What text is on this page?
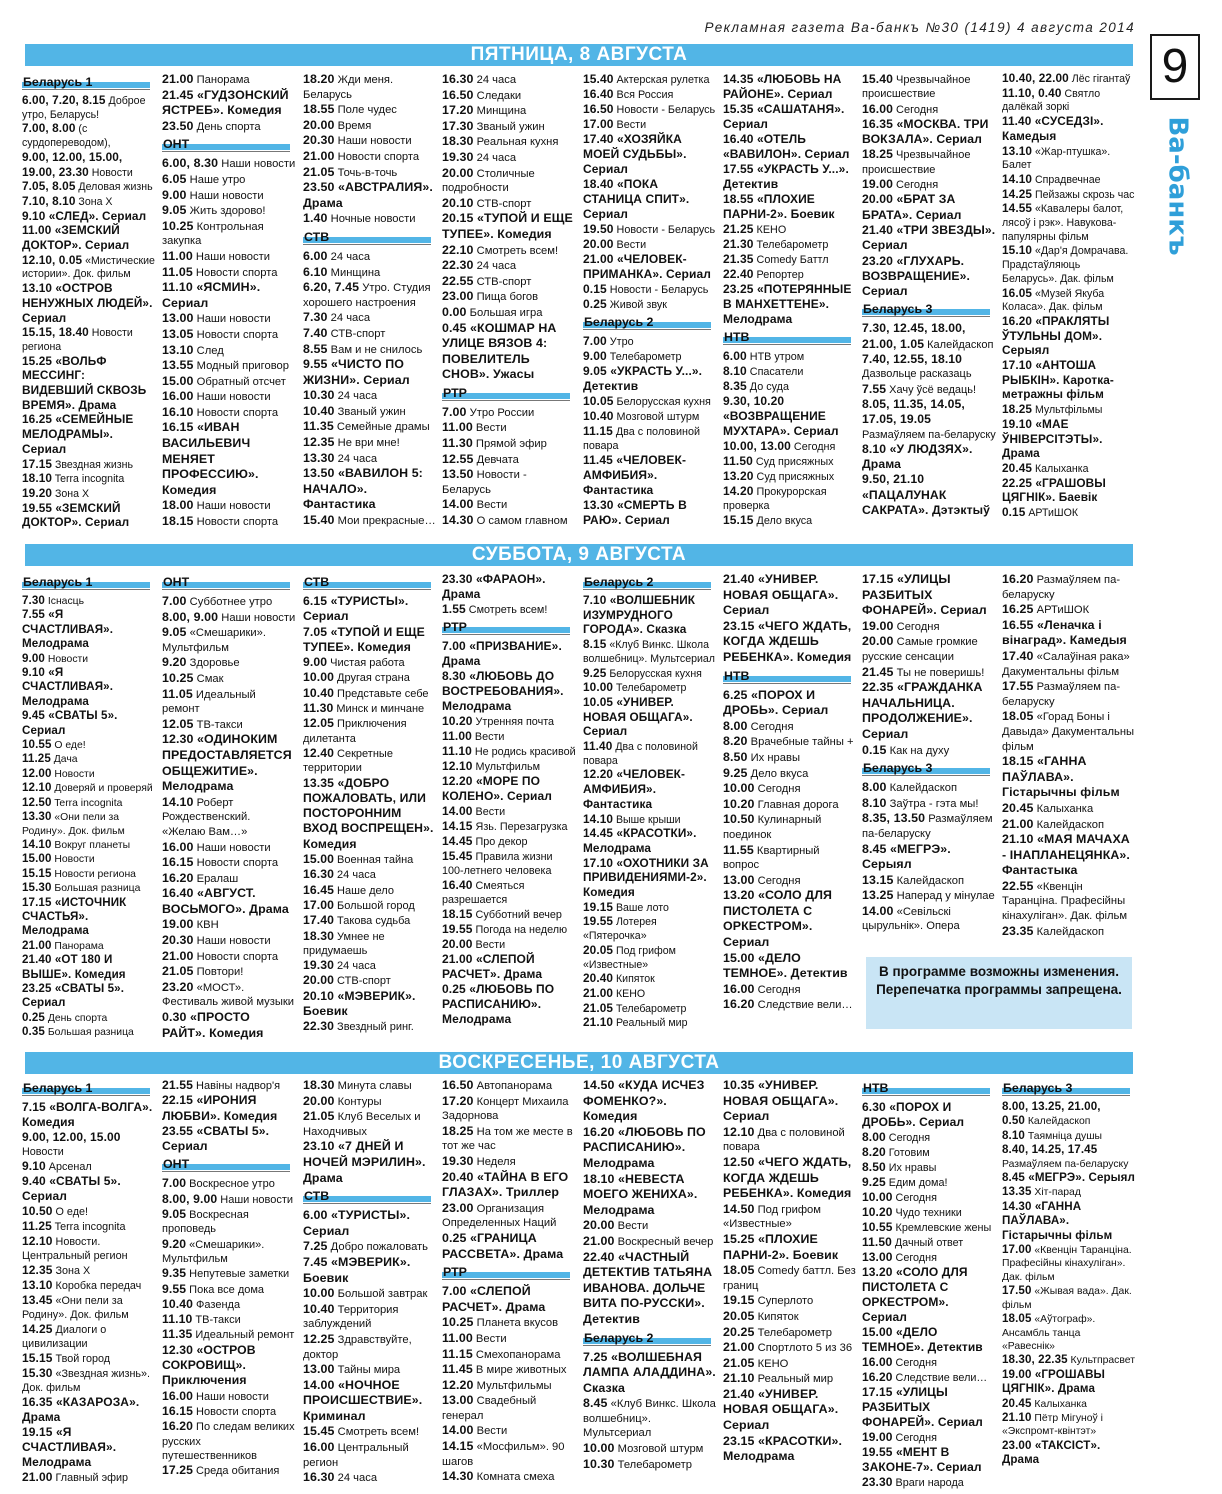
Рекламная газета Ва-банкъ №30 (1419) 4 августа 2014
9
Ва-банкъ
ПЯТНИЦА, 8 АВГУСТА
Беларусь 1
6.00, 7.20, 8.15 Доброе утро, Беларусь!
7.00, 8.00 (с сурдопереводом),
9.00, 12.00, 15.00, 19.00, 23.30 Новости
7.05, 8.05 Деловая жизнь
7.10, 8.10 Зона Х
9.10 «СЛЕД». Сериал
11.00 «ЗЕМСКИЙ ДОКТОР». Сериал
12.10, 0.05 «Мистические истории». Док. фильм
13.10 «ОСТРОВ НЕНУЖНЫХ ЛЮДЕЙ». Сериал
15.15, 18.40 Новости региона
15.25 «ВОЛЬФ МЕССИНГ: ВИДЕВШИЙ СКВОЗЬ ВРЕМЯ». Драма
16.25 «СЕМЕЙНЫЕ МЕЛОДРАМЫ». Сериал
17.15 Звездная жизнь
18.10 Terra incognita
19.20 Зона Х
19.55 «ЗЕМСКИЙ ДОКТОР». Сериал
21.00 Панорама
21.45 «ГУДЗОНСКИЙ ЯСТРЕБ». Комедия
23.50 День спорта
ОНТ
6.00, 8.30 Наши новости
6.05 Наше утро
9.00 Наши новости
9.05 Жить здорово!
10.25 Контрольная закупка
11.00 Наши новости
11.05 Новости спорта
11.10 «ЯСМИН». Сериал
13.00 Наши новости
13.05 Новости спорта
13.10 След
13.55 Модный приговор
15.00 Обратный отсчет
16.00 Наши новости
16.10 Новости спорта
16.15 «ИВАН ВАСИЛЬЕВИЧ МЕНЯЕТ ПРОФЕССИЮ». Комедия
18.00 Наши новости
18.15 Новости спорта
18.20 Жди меня. Беларусь
18.55 Поле чудес
20.00 Время
20.30 Наши новости
21.00 Новости спорта
21.05 Точь-в-точь
23.50 «АВСТРАЛИЯ». Драма
1.40 Ночные новости
СТВ
6.00 24 часа
6.10 Минщина
6.20, 7.45 Утро. Студия хорошего настроения
7.30 24 часа
7.40 СТВ-спорт
8.55 Вам и не снилось
9.55 «ЧИСТО ПО ЖИЗНИ». Сериал
10.30 24 часа
10.40 Званый ужин
11.35 Семейные драмы
12.35 Не ври мне!
13.30 24 часа
13.50 «ВАВИЛОН 5: НАЧАЛО». Фантастика
15.40 Мои прекрасные…
16.30 24 часа
16.50 Следаки
17.20 Минщина
17.30 Званый ужин
18.30 Реальная кухня
19.30 24 часа
20.00 Столичные подробности
20.10 СТВ-спорт
20.15 «ТУПОЙ И ЕЩЕ ТУПЕЕ». Комедия
22.10 Смотреть всем!
22.30 24 часа
22.55 СТВ-спорт
23.00 Пища богов
0.00 Большая игра
0.45 «КОШМАР НА УЛИЦЕ ВЯЗОВ 4: ПОВЕЛИТЕЛЬ СНОВ». Ужасы
РТР
7.00 Утро России
11.00 Вести
11.30 Прямой эфир
12.55 Девчата
13.50 Новости - Беларусь
14.00 Вести
14.30 О самом главном
15.40 Актерская рулетка
16.40 Вся Россия
16.50 Новости - Беларусь
17.00 Вести
17.40 «ХОЗЯЙКА МОЕЙ СУДЬБЫ». Сериал
18.40 «ПОКА СТАНИЦА СПИТ». Сериал
19.50 Новости - Беларусь
20.00 Вести
21.00 «ЧЕЛОВЕК-ПРИМАНКА». Сериал
0.15 Новости - Беларусь
0.25 Живой звук
Беларусь 2
7.00 Утро
9.00 Телебарометр
9.05 «УКРАСТЬ У...». Детектив
10.05 Белорусская кухня
10.40 Мозговой штурм
11.15 Два с половиной повара
11.45 «ЧЕЛОВЕК-АМФИБИЯ». Фантастика
13.30 «СМЕРТЬ В РАЮ». Сериал
14.35 «ЛЮБОВЬ НА РАЙОНЕ». Сериал
15.35 «САШАТАНЯ». Сериал
16.40 «ОТЕЛЬ «ВАВИЛОН». Сериал
17.55 «УКРАСТЬ У...». Детектив
18.55 «ПЛОХИЕ ПАРНИ-2». Боевик
21.25 КЕНО
21.30 Телебарометр
21.35 Comedy Баттл
22.40 Репортер
23.25 «ПОТЕРЯННЫЕ В МАНХЕТТЕНЕ». Мелодрама
НТВ
6.00 НТВ утром
8.10 Спасатели
8.35 До суда
9.30, 10.20 «ВОЗВРАЩЕНИЕ МУХТАРА». Сериал
10.00, 13.00 Сегодня
11.50 Суд присяжных
13.20 Суд присяжных
14.20 Прокурорская проверка
15.15 Дело вкуса
15.40 Чрезвычайное происшествие
16.00 Сегодня
16.35 «МОСКВА. ТРИ ВОКЗАЛА». Сериал
18.25 Чрезвычайное происшествие
19.00 Сегодня
20.00 «БРАТ ЗА БРАТА». Сериал
21.40 «ТРИ ЗВЕЗДЫ». Сериал
23.20 «ГЛУХАРЬ. ВОЗВРАЩЕНИЕ». Сериал
Беларусь 3
7.30, 12.45, 18.00, 21.00, 1.05 Калейдаскоп
7.40, 12.55, 18.10 Дазвольце расказаць
7.55 Хачу ўсё ведаць!
8.05, 11.35, 14.05, 17.05, 19.05 Размаўляем па-беларуску
8.10 «У ЛЮДЗЯХ». Драма
9.50, 21.10 «ПАЦАЛУНАК САКРАТА». Дэтэктыў
10.40, 22.00 Лёс гігантаў
11.10, 0.40 Святло далёкай зоркі
11.40 «СУСЕДЗІ». Камедыя
13.10 «Жар-птушка». Балет
14.10 Спрадвечнае
14.25 Пейзажы скрозь час
14.55 «Кавалеры балот, лясоў і рэк». Навукова-папулярны фільм
15.10 «Дар'я Домрачава. Прадстаўляюць Беларусь». Дак. фільм
16.05 «Музей Якуба Коласа». Дак. фільм
16.20 «ПРАКЛЯТЫ ЎТУЛЬНЫ ДОМ». Серыял
17.10 «АНТОША РЫБКІН». Каротка-метражны фільм
18.25 Мультфільмы
19.10 «МАЕ ЎНІВЕРСІТЭТЫ». Драма
20.45 Калыханка
22.25 «ГРАШОВЫ ЦЯГНІК». Баевік
0.15 АРТиШОК
СУББОТА, 9 АВГУСТА
Беларусь 1
7.30 Існасць
7.55 «Я СЧАСТЛИВАЯ». Мелодрама
9.00 Новости
9.10 «Я СЧАСТЛИВАЯ». Мелодрама
9.45 «СВАТЫ 5». Сериал
10.55 О еде!
11.25 Дача
12.00 Новости
12.10 Доверяй и проверяй
12.50 Terra incognita
13.30 «Они пели за Родину». Док. фильм
14.10 Вокруг планеты
15.00 Новости
15.15 Новости региона
15.30 Большая разница
17.15 «ИСТОЧНИК СЧАСТЬЯ». Мелодрама
21.00 Панорама
21.40 «ОТ 180 И ВЫШЕ». Комедия
23.25 «СВАТЫ 5». Сериал
0.25 День спорта
0.35 Большая разница
ОНТ
7.00 Субботнее утро
8.00, 9.00 Наши новости
9.05 «Смешарики». Мультфильм
9.20 Здоровье
10.25 Смак
11.05 Идеальный ремонт
12.05 ТВ-такси
12.30 «ОДИНОКИМ ПРЕДОСТАВЛЯЕТСЯ ОБЩЕЖИТИЕ». Мелодрама
14.10 Роберт Рождественский. «Желаю Вам…»
16.00 Наши новости
16.15 Новости спорта
16.20 Ералаш
16.40 «АВГУСТ. ВОСЬМОГО». Драма
19.00 КВН
20.30 Наши новости
21.00 Новости спорта
21.05 Повтори!
23.20 «МОСТ». Фестиваль живой музыки
0.30 «ПРОСТО РАЙТ». Комедия
СТВ
6.15 «ТУРИСТЫ». Сериал
7.05 «ТУПОЙ И ЕЩЕ ТУПЕЕ». Комедия
9.00 Чистая работа
10.00 Другая страна
10.40 Представьте себе
11.30 Минск и минчане
12.05 Приключения дилетанта
12.40 Секретные территории
13.35 «ДОБРО ПОЖАЛОВАТЬ, ИЛИ ПОСТОРОННИМ ВХОД ВОСПРЕЩЕН». Комедия
15.00 Военная тайна
16.30 24 часа
16.45 Наше дело
17.00 Большой город
17.40 Такова судьба
18.30 Умнее не придумаешь
19.30 24 часа
20.00 СТВ-спорт
20.10 «МЭВЕРИК». Боевик
22.30 Звездный ринг.
23.30 «ФАРАОН». Драма
1.55 Смотреть всем!
РТР
7.00 «ПРИЗВАНИЕ». Драма
8.30 «ЛЮБОВЬ ДО ВОСТРЕБОВАНИЯ». Мелодрама
10.20 Утренняя почта
11.00 Вести
11.10 Не родись красивой
12.10 Мультфильм
12.20 «МОРЕ ПО КОЛЕНО». Сериал
14.00 Вести
14.15 Язь. Перезагрузка
14.45 Про декор
15.45 Правила жизни 100-летнего человека
16.40 Смеяться разрешается
18.15 Субботний вечер
19.55 Погода на неделю
20.00 Вести
21.00 «СЛЕПОЙ РАСЧЕТ». Драма
0.25 «ЛЮБОВЬ ПО РАСПИСАНИЮ». Мелодрама
Беларусь 2
7.10 «ВОЛШЕБНИК ИЗУМРУДНОГО ГОРОДА». Сказка
8.15 «Клуб Винкс. Школа волшебниц». Мультсериал
9.25 Белорусская кухня
10.00 Телебарометр
10.05 «УНИВЕР. НОВАЯ ОБЩАГА». Сериал
11.40 Два с половиной повара
12.20 «ЧЕЛОВЕК-АМФИБИЯ». Фантастика
14.10 Выше крыши
14.45 «КРАСОТКИ». Мелодрама
17.10 «ОХОТНИКИ ЗА ПРИВИДЕНИЯМИ-2». Комедия
19.15 Ваше лото
19.55 Лотерея «Пятерочка»
20.05 Под грифом «Известные»
20.40 Кипяток
21.00 КЕНО
21.05 Телебарометр
21.10 Реальный мир
21.40 «УНИВЕР. НОВАЯ ОБЩАГА». Сериал
23.15 «ЧЕГО ЖДАТЬ, КОГДА ЖДЕШЬ РЕБЕНКА». Комедия
НТВ
6.25 «ПОРОХ И ДРОБЬ». Сериал
8.00 Сегодня
8.20 Врачебные тайны +
8.50 Их нравы
9.25 Дело вкуса
10.00 Сегодня
10.20 Главная дорога
10.50 Кулинарный поединок
11.55 Квартирный вопрос
13.00 Сегодня
13.20 «СОЛО ДЛЯ ПИСТОЛЕТА С ОРКЕСТРОМ». Сериал
15.00 «ДЕЛО ТЕМНОЕ». Детектив
16.00 Сегодня
16.20 Следствие вели…
17.15 «УЛИЦЫ РАЗБИТЫХ ФОНАРЕЙ». Сериал
19.00 Сегодня
20.00 Самые громкие русские сенсации
21.45 Ты не поверишь!
22.35 «ГРАЖДАНКА НАЧАЛЬНИЦА. ПРОДОЛЖЕНИЕ». Сериал
0.15 Как на духу
Беларусь 3
8.00 Калейдаскоп
8.10 Заўтра - гэта мы!
8.35, 13.50 Размаўляем па-беларуску
8.45 «МЕГРЭ». Серыял
13.15 Калейдаскоп
13.25 Наперад у мінулае
14.00 «Севільскі цырульнік». Опера
16.20 Размаўляем па-беларуску
16.25 АРТиШОК
16.55 «Леначка і вінаград». Камедыя
17.40 «Салаўіная рака» Дакументальны фільм
17.55 Размаўляем па-беларуску
18.05 «Горад Боны і Давыда» Дакументальны фільм
18.15 «ГАННА ПАЎЛАВА». Гістарычны фільм
20.45 Калыханка
21.00 Калейдаскоп
21.10 «МАЯ МАЧАХА - ІНАПЛАНЕЦЯНКА». Фантастыка
22.55 «Квенцін Таранціна. Прафесійны кінахуліган». Дак. фільм
23.35 Калейдаскоп
ВОСКРЕСЕНЬЕ, 10 АВГУСТА
Беларусь 1
7.15 «ВОЛГА-ВОЛГА». Комедия
9.00, 12.00, 15.00 Новости
9.10 Арсенал
9.40 «СВАТЫ 5». Сериал
10.50 О еде!
11.25 Terra incognita
12.10 Новости. Центральный регион
12.35 Зона Х
13.10 Коробка передач
13.45 «Они пели за Родину». Док. фильм
14.25 Диалоги о цивилизации
15.15 Твой город
15.30 «Звездная жизнь». Док. фильм
16.35 «КАЗАРОЗА». Драма
19.15 «Я СЧАСТЛИВАЯ». Мелодрама
21.00 Главный эфир
21.55 Навіны надвор'я
22.15 «ИРОНИЯ ЛЮБВИ». Комедия
23.55 «СВАТЫ 5». Сериал
ОНТ
7.00 Воскресное утро
8.00, 9.00 Наши новости
9.05 Воскресная проповедь
9.20 «Смешарики». Мультфильм
9.35 Непутевые заметки
9.55 Пока все дома
10.40 Фазенда
11.10 ТВ-такси
11.35 Идеальный ремонт
12.30 «ОСТРОВ СОКРОВИЩ». Приключения
16.00 Наши новости
16.15 Новости спорта
16.20 По следам великих русских путешественников
17.25 Среда обитания
18.30 Минута славы
20.00 Контуры
21.05 Клуб Веселых и Находчивых
23.10 «7 ДНЕЙ И НОЧЕЙ МЭРИЛИН». Драма
СТВ
6.00 «ТУРИСТЫ». Сериал
7.25 Добро пожаловать
7.45 «МЭВЕРИК». Боевик
10.00 Большой завтрак
10.40 Территория заблуждений
12.25 Здравствуйте, доктор
13.00 Тайны мира
14.00 «НОЧНОЕ ПРОИСШЕСТВИЕ». Криминал
15.45 Смотреть всем!
16.00 Центральный регион
16.30 24 часа
16.50 Автопанорама
17.20 Концерт Михаила Задорнова
18.25 На том же месте в тот же час
19.30 Неделя
20.40 «ТАЙНА В ЕГО ГЛАЗАХ». Триллер
23.00 Организация Определенных Наций
0.25 «ГРАНИЦА РАССВЕТА». Драма
РТР
7.00 «СЛЕПОЙ РАСЧЕТ». Драма
10.25 Планета вкусов
11.00 Вести
11.15 Смехопанорама
11.45 В мире животных
12.20 Мультфильмы
13.00 Свадебный генерал
14.00 Вести
14.15 «Мосфильм». 90 шагов
14.30 Комната смеха
14.50 «КУДА ИСЧЕЗ ФОМЕНКО?». Комедия
16.20 «ЛЮБОВЬ ПО РАСПИСАНИЮ». Мелодрама
18.10 «НЕВЕСТА МОЕГО ЖЕНИХА». Мелодрама
20.00 Вести
21.00 Воскресный вечер
22.40 «ЧАСТНЫЙ ДЕТЕКТИВ ТАТЬЯНА ИВАНОВА. ДОЛЬЧЕ ВИТА ПО-РУССКИ». Детектив
Беларусь 2
7.25 «ВОЛШЕБНАЯ ЛАМПА АЛАДДИНА». Сказка
8.45 «Клуб Винкс. Школа волшебниц». Мультсериал
10.00 Мозговой штурм
10.30 Телебарометр
10.35 «УНИВЕР. НОВАЯ ОБЩАГА». Сериал
12.10 Два с половиной повара
12.50 «ЧЕГО ЖДАТЬ, КОГДА ЖДЕШЬ РЕБЕНКА». Комедия
14.50 Под грифом «Известные»
15.25 «ПЛОХИЕ ПАРНИ-2». Боевик
18.05 Comedy баттл. Без границ
19.15 Суперлото
20.05 Кипяток
20.25 Телебарометр
21.00 Спортлото 5 из 36
21.05 КЕНО
21.10 Реальный мир
21.40 «УНИВЕР. НОВАЯ ОБЩАГА». Сериал
23.15 «КРАСОТКИ». Мелодрама
НТВ
6.30 «ПОРОХ И ДРОБЬ». Сериал
8.00 Сегодня
8.20 Готовим
8.50 Их нравы
9.25 Едим дома!
10.00 Сегодня
10.20 Чудо техники
10.55 Кремлевские жены
11.50 Дачный ответ
13.00 Сегодня
13.20 «СОЛО ДЛЯ ПИСТОЛЕТА С ОРКЕСТРОМ». Сериал
15.00 «ДЕЛО ТЕМНОЕ». Детектив
16.00 Сегодня
16.20 Следствие вели…
17.15 «УЛИЦЫ РАЗБИТЫХ ФОНАРЕЙ». Сериал
19.00 Сегодня
19.55 «МЕНТ В ЗАКОНЕ-7». Сериал
23.30 Враги народа
Беларусь 3
8.00, 13.25, 21.00,
0.50 Калейдаскоп
8.10 Таямніца душы
8.40, 14.25, 17.45 Размаўляем па-беларуску
8.45 «МЕГРЭ». Серыял
13.35 Хіт-парад
14.30 «ГАННА ПАЎЛАВА». Гістарычны фільм
17.00 «Квенцін Таранціна. Прафесійны кінахуліган». Дак. фільм
17.50 «Жывая вада». Дак. фільм
18.05 «Аўтограф». Ансамбль танца «Равеснік»
18.30, 22.35 Культпрасвет
19.00 «ГРОШАВЫ ЦЯГНІК». Драма
20.45 Калыханка
21.10 Пётр Мігуноў і «Экспромт-квінтэт»
23.00 «ТАКСІСТ». Драма
В программе возможны изменения.
Перепечатка программы запрещена.
